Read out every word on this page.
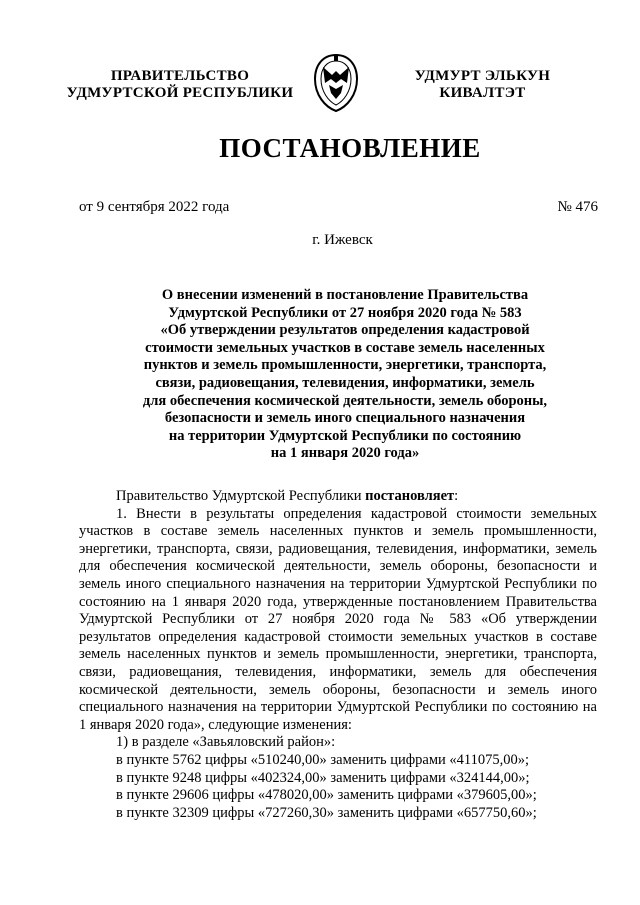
ПРАВИТЕЛЬСТВО
УДМУРТСКОЙ РЕСПУБЛИКИ
УДМУРТ ЭЛЬКУН
КИВАЛТЭТ
ПОСТАНОВЛЕНИЕ
от 9 сентября 2022 года	№ 476
г. Ижевск
О внесении изменений в постановление Правительства
Удмуртской Республики от 27 ноября 2020 года № 583
«Об утверждении результатов определения кадастровой
стоимости земельных участков в составе земель населенных
пунктов и земель промышленности, энергетики, транспорта,
связи, радиовещания, телевидения, информатики, земель
для обеспечения космической деятельности, земель обороны,
безопасности и земель иного специального назначения
на территории Удмуртской Республики по состоянию
на 1 января 2020 года»

Правительство Удмуртской Республики постановляет:

1. Внести в результаты определения кадастровой стоимости земельных участков в составе земель населенных пунктов и земель промышленности, энергетики, транспорта, связи, радиовещания, телевидения, информатики, земель для обеспечения космической деятельности, земель обороны, безопасности и земель иного специального назначения на территории Удмуртской Республики по состоянию на 1 января 2020 года, утвержденные постановлением Правительства Удмуртской Республики от 27 ноября 2020 года № 583 «Об утверждении результатов определения кадастровой стоимости земельных участков в составе земель населенных пунктов и земель промышленности, энергетики, транспорта, связи, радиовещания, телевидения, информатики, земель для обеспечения космической деятельности, земель обороны, безопасности и земель иного специального назначения на территории Удмуртской Республики по состоянию на 1 января 2020 года», следующие изменения:

1) в разделе «Завьяловский район»:

в пункте 5762 цифры «510240,00» заменить цифрами «411075,00»;

в пункте 9248 цифры «402324,00» заменить цифрами «324144,00»;

в пункте 29606 цифры «478020,00» заменить цифрами «379605,00»;

в пункте 32309 цифры «727260,30» заменить цифрами «657750,60»;
